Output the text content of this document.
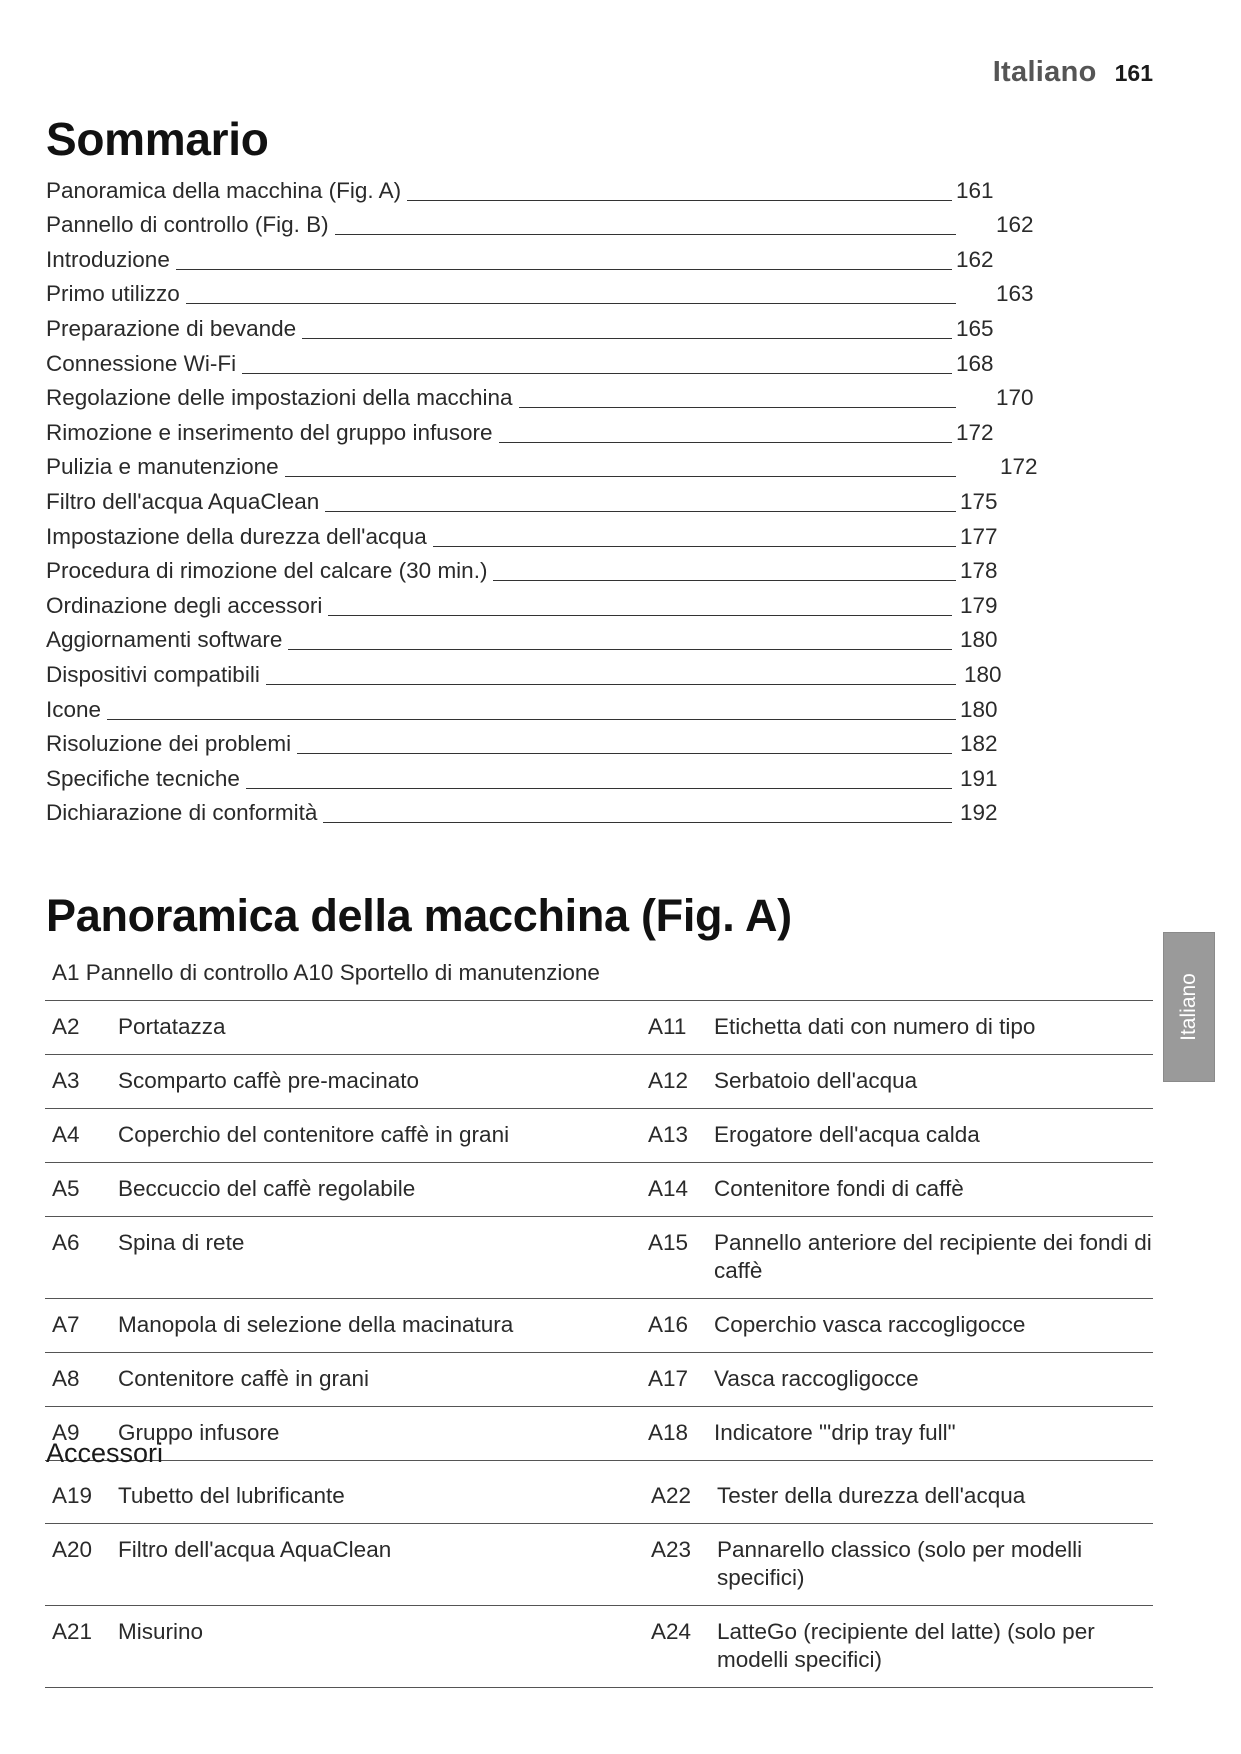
Italiano 161
Sommario
Panoramica della macchina (Fig. A)	161
Pannello di controllo (Fig. B)	162
Introduzione	162
Primo utilizzo	163
Preparazione di bevande	165
Connessione Wi-Fi	168
Regolazione delle impostazioni della macchina	170
Rimozione e inserimento del gruppo infusore	172
Pulizia e manutenzione	172
Filtro dell'acqua AquaClean	175
Impostazione della durezza dell'acqua	177
Procedura di rimozione del calcare (30 min.)	178
Ordinazione degli accessori	179
Aggiornamenti software	180
Dispositivi compatibili	180
Icone	180
Risoluzione dei problemi	182
Specifiche tecniche	191
Dichiarazione di conformità	192
Panoramica della macchina (Fig. A)
A1 Pannello di controllo A10 Sportello di manutenzione
Italiano
A2	Portatazza	A11	Etichetta dati con numero di tipo
A3	Scomparto caffè pre-macinato	A12	Serbatoio dell'acqua
A4	Coperchio del contenitore caffè in grani	A13	Erogatore dell'acqua calda
A5	Beccuccio del caffè regolabile	A14	Contenitore fondi di caffè
A6	Spina di rete	A15	Pannello anteriore del recipiente dei fondi di caffè
A7	Manopola di selezione della macinatura	A16	Coperchio vasca raccogligocce
A8	Contenitore caffè in grani	A17	Vasca raccogligocce
A9	Gruppo infusore	A18	Indicatore "'drip tray full"
Accessori
A19	Tubetto del lubrificante	A22	Tester della durezza dell'acqua
A20	Filtro dell'acqua AquaClean	A23	Pannarello classico (solo per modelli specifici)
A21	Misurino	A24	LatteGo (recipiente del latte) (solo per modelli specifici)
